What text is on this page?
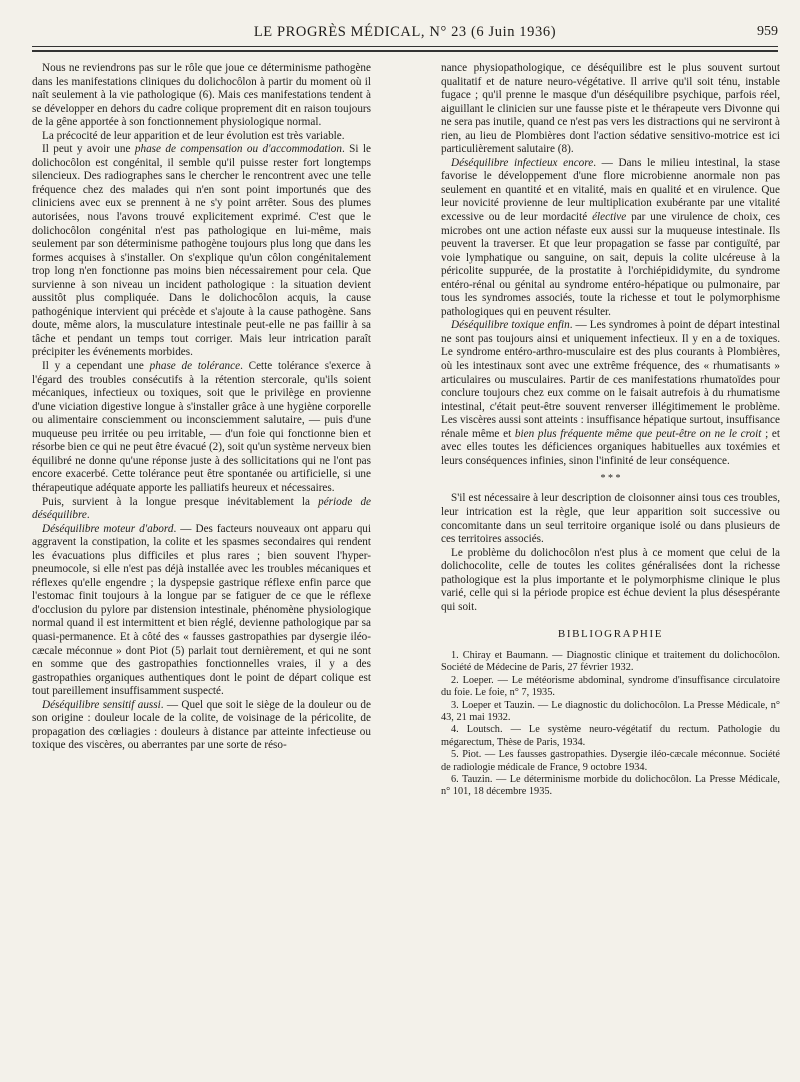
LE PROGRÈS MÉDICAL, N° 23 (6 Juin 1936)	959

Nous ne reviendrons pas sur le rôle que joue ce déterminisme pathogène dans les manifestations cliniques du dolichocôlon à partir du moment où il naît seulement à la vie pathologique (6). Mais ces manifestations tendent à se développer en dehors du cadre colique proprement dit en raison toujours de la gêne apportée à son fonctionnement physiologique normal.

La précocité de leur apparition et de leur évolution est très variable.

Il peut y avoir une phase de compensation ou d'accommodation. Si le dolichocôlon est congénital, il semble qu'il puisse rester fort longtemps silencieux. Des radiographes sans le chercher le rencontrent avec une telle fréquence chez des malades qui n'en sont point importunés que des cliniciens avec eux se prennent à ne s'y point arrêter. Sous des plumes autorisées, nous l'avons trouvé explicitement exprimé. C'est que le dolichocôlon congénital n'est pas pathologique en lui-même, mais seulement par son déterminisme pathogène toujours plus long que dans les formes acquises à s'installer. On s'explique qu'un côlon congénitalement trop long n'en fonctionne pas moins bien nécessairement pour cela. Que survienne à son niveau un incident pathologique : la situation devient aussitôt plus compliquée. Dans le dolichocôlon acquis, la cause pathogénique intervient qui précède et s'ajoute à la cause pathogène. Sans doute, même alors, la musculature intestinale peut-elle ne pas faillir à sa tâche et pendant un temps tout corriger. Mais leur intrication paraît précipiter les événements morbides.

Il y a cependant une phase de tolérance. Cette tolérance s'exerce à l'égard des troubles consécutifs à la rétention stercorale, qu'ils soient mécaniques, infectieux ou toxiques, soit que le privilège en provienne d'une viciation digestive longue à s'installer grâce à une hygiène corporelle ou alimentaire consciemment ou inconsciemment salutaire, — puis d'une muqueuse peu irritée ou peu irritable, — d'un foie qui fonctionne bien et résorbe bien ce qui ne peut être évacué (2), soit qu'un système nerveux bien équilibré ne donne qu'une réponse juste à des sollicitations qui ne l'ont pas encore exacerbé. Cette tolérance peut être spontanée ou artificielle, si une thérapeutique adéquate apporte les palliatifs heureux et nécessaires.

Puis, survient à la longue presque inévitablement la période de déséquilibre.

Déséquilibre moteur d'abord. — Des facteurs nouveaux ont apparu qui aggravent la constipation, la colite et les spasmes secondaires qui rendent les évacuations plus difficiles et plus rares ; bien souvent l'hyper-pneumocole, si elle n'est pas déjà installée avec les troubles mécaniques et réflexes qu'elle engendre ; la dyspepsie gastrique réflexe enfin parce que l'estomac finit toujours à la longue par se fatiguer de ce que le réflexe d'occlusion du pylore par distension intestinale, phénomène physiologique normal quand il est intermittent et bien réglé, devienne pathologique par sa quasi-permanence. Et à côté des « fausses gastropathies par dysergie iléo-cæcale méconnue » dont Piot (5) parlait tout dernièrement, et qui ne sont en somme que des gastropathies fonctionnelles vraies, il y a des gastropathies organiques authentiques dont le point de départ colique est tout pareillement insuffisamment suspecté.

Déséquilibre sensitif aussi. — Quel que soit le siège de la douleur ou de son origine : douleur locale de la colite, de voisinage de la péricolite, de propagation des cœliagies : douleurs à distance par atteinte infectieuse ou toxique des viscères, ou aberrantes par une sorte de réso-

nance physiopathologique, ce déséquilibre est le plus souvent surtout qualitatif et de nature neuro-végétative. Il arrive qu'il soit ténu, instable fugace ; qu'il prenne le masque d'un déséquilibre psychique, parfois réel, aiguillant le clinicien sur une fausse piste et le thérapeute vers Divonne qui ne sera pas inutile, quand ce n'est pas vers les distractions qui ne serviront à rien, au lieu de Plombières dont l'action sédative sensitivo-motrice est ici particulièrement salutaire (8).

Déséquilibre infectieux encore. — Dans le milieu intestinal, la stase favorise le développement d'une flore microbienne anormale non pas seulement en quantité et en vitalité, mais en qualité et en virulence. Que leur novicité provienne de leur multiplication exubérante par une vitalité excessive ou de leur mordacité élective par une virulence de choix, ces microbes ont une action néfaste eux aussi sur la muqueuse intestinale. Ils peuvent la traverser. Et que leur propagation se fasse par contiguïté, par voie lymphatique ou sanguine, on sait, depuis la colite ulcéreuse à la péricolite suppurée, de la prostatite à l'orchiépididymite, du syndrome entéro-rénal ou génital au syndrome entéro-hépatique ou pulmonaire, par tous les syndromes associés, toute la richesse et tout le polymorphisme pathologiques qui en peuvent résulter.

Déséquilibre toxique enfin. — Les syndromes à point de départ intestinal ne sont pas toujours ainsi et uniquement infectieux. Il y en a de toxiques. Le syndrome entéro-arthro-musculaire est des plus courants à Plombières, où les intestinaux sont avec une extrême fréquence, des « rhumatisants » articulaires ou musculaires. Partir de ces manifestations rhumatoïdes pour conclure toujours chez eux comme on le faisait autrefois à du rhumatisme intestinal, c'était peut-être souvent renverser illégitimement le problème. Les viscères aussi sont atteints : insuffisance hépatique surtout, insuffisance rénale même et bien plus fréquente même que peut-être on ne le croit ; et avec elles toutes les déficiences organiques habituelles aux toxémies et leurs conséquences infinies, sinon l'infinité de leur conséquence.

* * *

S'il est nécessaire à leur description de cloisonner ainsi tous ces troubles, leur intrication est la règle, que leur apparition soit successive ou concomitante dans un seul territoire organique isolé ou dans plusieurs de ces territoires associés.

Le problème du dolichocôlon n'est plus à ce moment que celui de la dolichocolite, celle de toutes les colites généralisées dont la richesse pathologique est la plus importante et le polymorphisme clinique le plus varié, celle qui si la période propice est échue devient la plus désespérante qui soit.

BIBLIOGRAPHIE

1. Chiray et Baumann. — Diagnostic clinique et traitement du dolichocôlon. Société de Médecine de Paris, 27 février 1932.

2. Loeper. — Le météorisme abdominal, syndrome d'insuffisance circulatoire du foie. Le foie, n° 7, 1935.

3. Loeper et Tauzin. — Le diagnostic du dolichocôlon. La Presse Médicale, n° 43, 21 mai 1932.

4. Loutsch. — Le système neuro-végétatif du rectum. Pathologie du mégarectum, Thèse de Paris, 1934.

5. Piot. — Les fausses gastropathies. Dysergie iléo-cæcale méconnue. Société de radiologie médicale de France, 9 octobre 1934.

6. Tauzin. — Le déterminisme morbide du dolichocôlon. La Presse Médicale, n° 101, 18 décembre 1935.
